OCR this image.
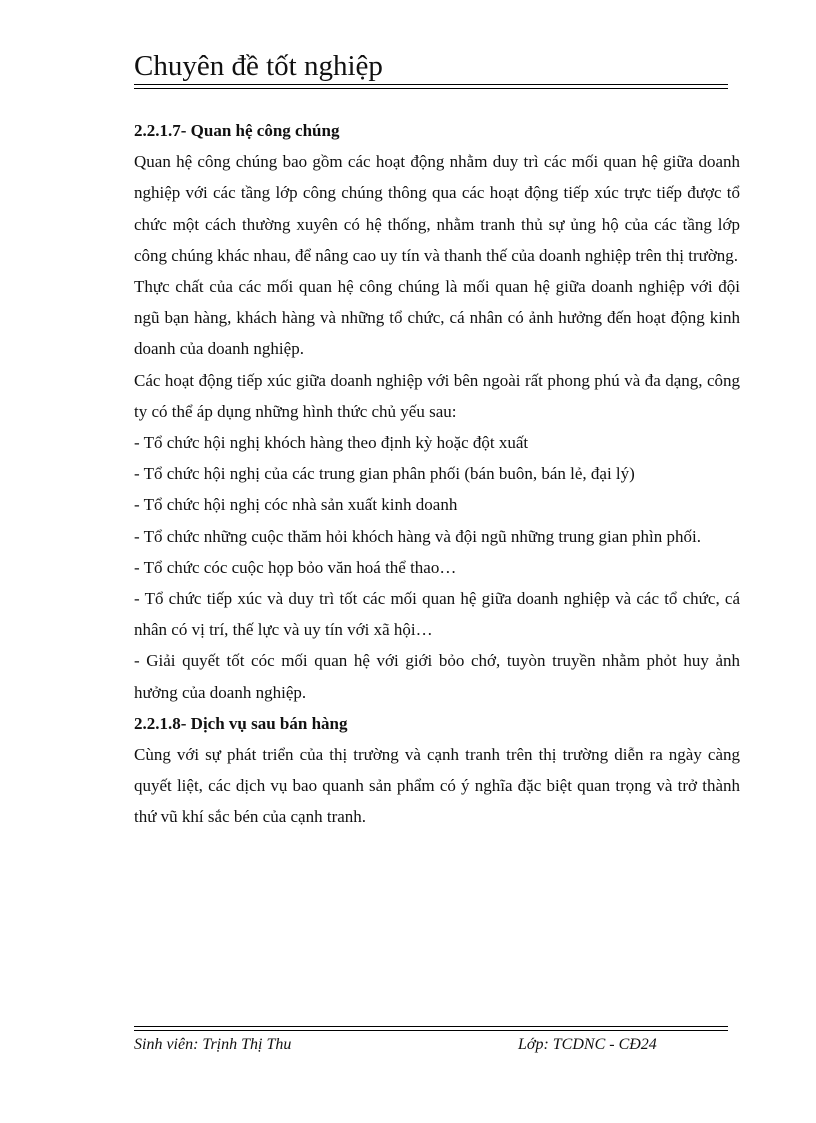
Chuyên đề tốt nghiệp
2.2.1.7- Quan hệ công chúng

Quan hệ công chúng bao gồm các hoạt động nhằm duy trì các mối quan hệ giữa doanh nghiệp với các tầng lớp công chúng thông qua các hoạt động tiếp xúc trực tiếp được tổ chức một cách thường xuyên có hệ thống, nhằm tranh thủ sự ủng hộ của các tầng lớp công chúng khác nhau, để nâng cao uy tín và thanh thế của doanh nghiệp trên thị trường.

Thực chất của các mối quan hệ công chúng là mối quan hệ giữa doanh nghiệp với đội ngũ bạn hàng, khách hàng và những tổ chức, cá nhân có ảnh hưởng đến hoạt động kinh doanh của doanh nghiệp.

Các hoạt động tiếp xúc giữa doanh nghiệp với bên ngoài rất phong phú và đa dạng, công ty có thể áp dụng những hình thức chủ yếu sau:

- Tổ chức hội nghị khóch hàng theo định kỳ hoặc đột xuất

- Tổ chức hội nghị của các trung gian phân phối (bán buôn, bán lẻ, đại lý)

- Tổ chức hội nghị cóc nhà sản xuất kinh doanh

- Tổ chức những cuộc thăm hỏi khóch hàng và đội ngũ những trung gian phìn phối.

- Tổ chức cóc cuộc họp bỏo văn hoá thể thao…

- Tổ chức tiếp xúc và duy trì tốt các mối quan hệ giữa doanh nghiệp và các tổ chức, cá nhân có vị trí, thế lực và uy tín với xã hội…

- Giải quyết tốt cóc mối quan hệ với giới bỏo chớ, tuyòn truyền nhằm phỏt huy ảnh hưởng của doanh nghiệp.

2.2.1.8- Dịch vụ sau bán hàng

Cùng với sự phát triển của thị trường và cạnh tranh trên thị trường diễn ra ngày càng quyết liệt, các dịch vụ bao quanh sản phẩm có ý nghĩa đặc biệt quan trọng và trở thành thứ vũ khí sắc bén của cạnh tranh.

Sinh viên: Trịnh Thị Thu	Lớp: TCDNC - CĐ24
